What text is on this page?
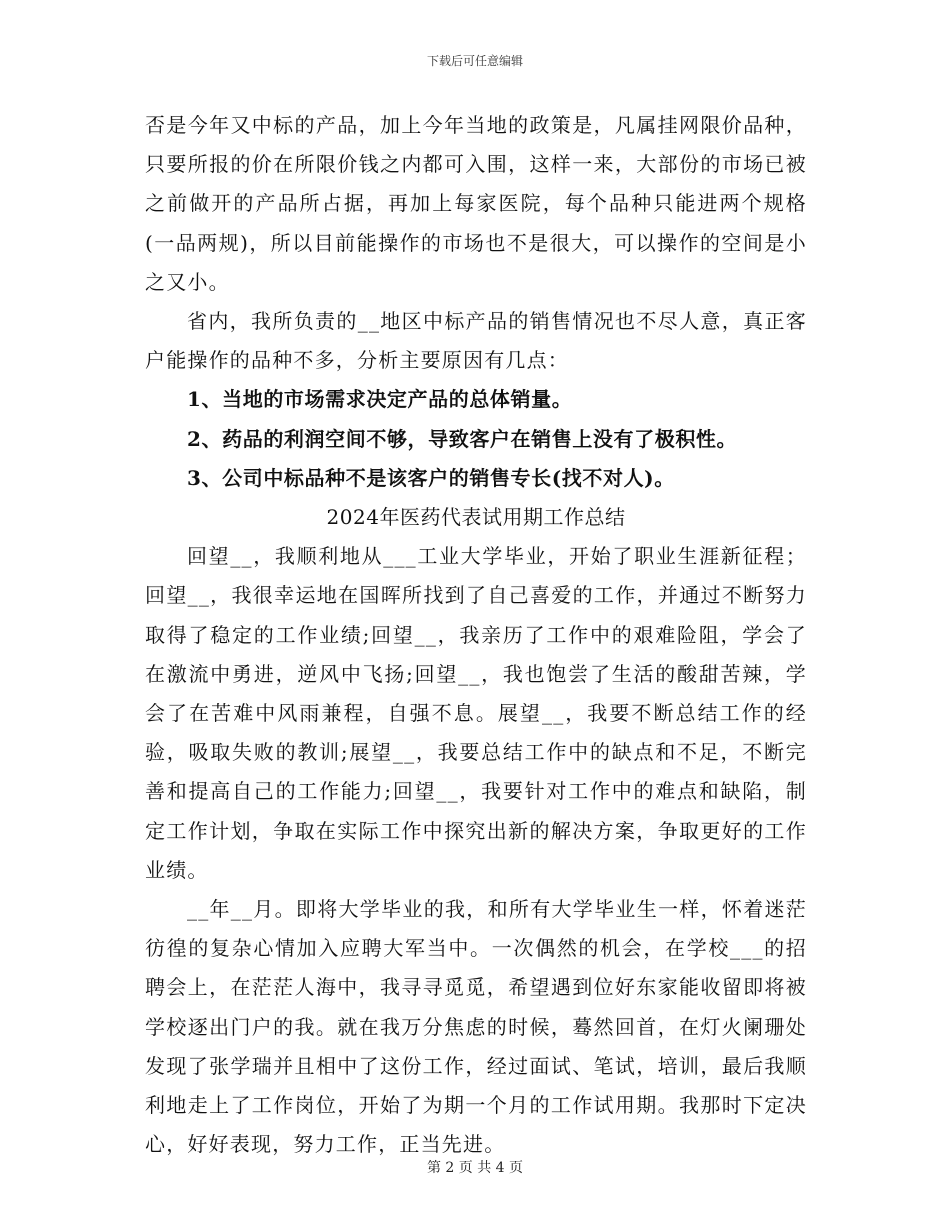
下载后可任意编辑

否是今年又中标的产品，加上今年当地的政策是，凡属挂网限价品种，只要所报的价在所限价钱之内都可入围，这样一来，大部份的市场已被之前做开的产品所占据，再加上每家医院，每个品种只能进两个规格(一品两规)，所以目前能操作的市场也不是很大，可以操作的空间是小之又小。

省内，我所负责的__地区中标产品的销售情况也不尽人意，真正客户能操作的品种不多，分析主要原因有几点：

1、当地的市场需求决定产品的总体销量。

2、药品的利润空间不够，导致客户在销售上没有了极积性。

3、公司中标品种不是该客户的销售专长(找不对人)。

2024年医药代表试用期工作总结

回望__，我顺利地从___工业大学毕业，开始了职业生涯新征程；回望__，我很幸运地在国晖所找到了自己喜爱的工作，并通过不断努力取得了稳定的工作业绩;回望__，我亲历了工作中的艰难险阻，学会了在激流中勇进，逆风中飞扬;回望__，我也饱尝了生活的酸甜苦辣，学会了在苦难中风雨兼程，自强不息。展望__，我要不断总结工作的经验，吸取失败的教训;展望__，我要总结工作中的缺点和不足，不断完善和提高自己的工作能力;回望__，我要针对工作中的难点和缺陷，制定工作计划，争取在实际工作中探究出新的解决方案，争取更好的工作业绩。

__年__月。即将大学毕业的我，和所有大学毕业生一样，怀着迷茫彷徨的复杂心情加入应聘大军当中。一次偶然的机会，在学校___的招聘会上，在茫茫人海中，我寻寻觅觅，希望遇到位好东家能收留即将被学校逐出门户的我。就在我万分焦虑的时候，蓦然回首，在灯火阑珊处发现了张学瑞并且相中了这份工作，经过面试、笔试，培训，最后我顺利地走上了工作岗位，开始了为期一个月的工作试用期。我那时下定决心，好好表现，努力工作，正当先进。

第 2 页 共 4 页
